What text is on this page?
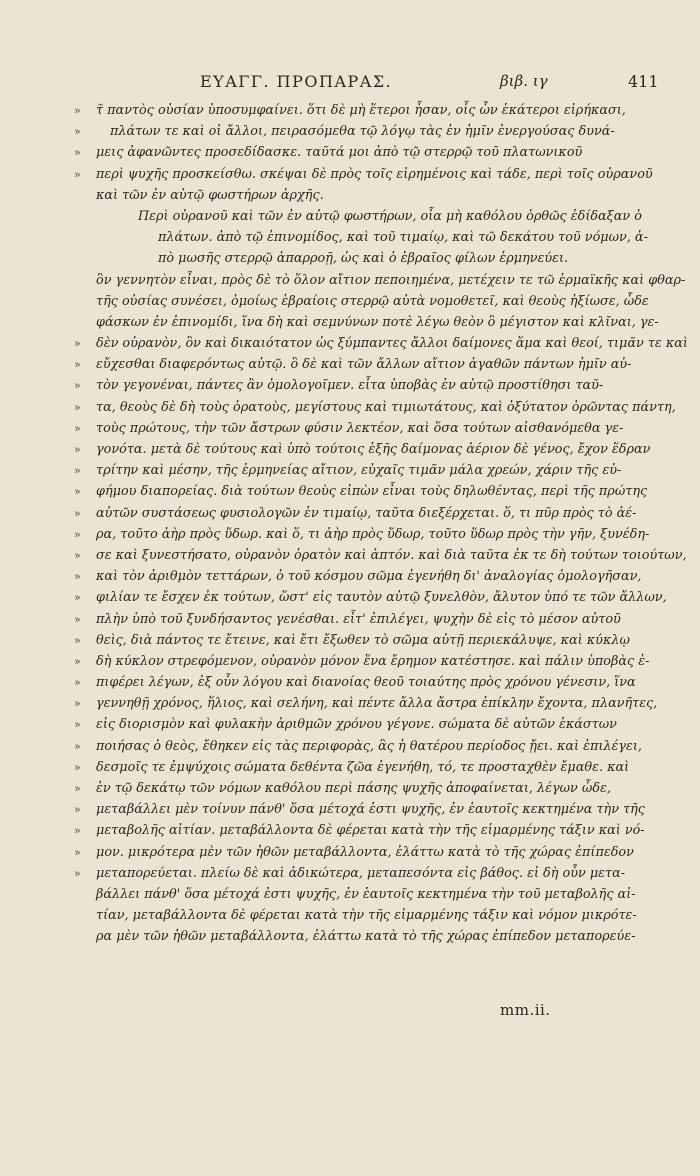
ΕΥΑΓΓ. ΠΡΟΠΑΡΑΣ.	βιβ. ιγ	411
» τ̃ παντὸς οὐσίαν ὑποσυμφαίνει. ὅτι δὲ μὴ ἕτεροι ἦσαν, οἷς ὧν ἑκάτεροι εἰρήκασι,
» πλάτων τε καὶ οἱ ἄλλοι, πειρασόμεθα τῷ λόγῳ τὰς ἐν ἡμῖν ἐνεργούσας δυνά-
» μεις ἀφανῶντες προσεδίδασκε. ταῦτά μοι ἀπὸ τῷ στερρῷ τοῦ πλατωνικοῦ
» περὶ ψυχῆς προσκείσθω. σκέψαι δὲ πρὸς τοῖς εἰρημένοις καὶ τάδε, περὶ τοῖς οὐρανοῦ
καὶ τῶν ἐν αὐτῷ φωστήρων ἀρχῆς.
Περὶ οὐρανοῦ καὶ τῶν ἐν αὐτῷ φωστήρων, οἷα μὴ καθόλου ὀρθῶς ἐδίδαξαν ὁ
πλάτων. ἀπὸ τῷ ἐπινομίδος, καὶ τοῦ τιμαίῳ, καὶ τῶ δεκάτου τοῦ νόμων, ἀ-
πὸ μωσῆς στερρῷ ἀπαρροῇ, ὡς καὶ ὁ ἑβραῖος φίλων ἑρμηνεύει.
ὃν γεννητὸν εἶναι, πρὸς δὲ τὸ ὅλον αἴτιον πεποιημένα, μετέχειν τε τῶ ἑρμαϊκῆς καὶ φθαρ-
τῆς οὐσίας συνέσει, ὁμοίως ἑβραίοις στερρῷ αὐτὰ νομοθετεῖ, καὶ θεοὺς ἠξίωσε, ὧδε
φάσκων ἐν ἐπινομίδι, ἵνα δὴ καὶ σεμνύνων ποτὲ λέγω θεὸν ὃ μέγιστον καὶ κλῖναι, γε-
» δὲν οὐρανὸν, ὃν καὶ δικαιότατον ὡς ξύμπαντες ἄλλοι δαίμονες ἅμα καὶ θεοί, τιμᾶν τε καὶ
» εὔχεσθαι διαφερόντως αὐτῷ. ὃ δὲ καὶ τῶν ἄλλων αἴτιον ἀγαθῶν πάντων ἡμῖν αὐ-
» τὸν γεγονέναι, πάντες ἂν ὁμολογοῖμεν. εἶτα ὑποβὰς ἐν αὐτῷ προστίθησι ταῦ-
» τα, θεοὺς δὲ δὴ τοὺς ὁρατοὺς, μεγίστους καὶ τιμιωτάτους, καὶ ὀξύτατον ὁρῶντας πάντη,
» τοὺς πρώτους, τὴν τῶν ἄστρων φύσιν λεκτέον, καὶ ὅσα τούτων αἰσθανόμεθα γε-
» γονότα. μετὰ δὲ τούτους καὶ ὑπὸ τούτοις ἑξῆς δαίμονας ἀέριον δὲ γένος, ἔχον ἕδραν
» τρίτην καὶ μέσην, τῆς ἑρμηνείας αἴτιον, εὐχαῖς τιμᾶν μάλα χρεών, χάριν τῆς εὐ-
» φήμου διαπορείας. διὰ τούτων θεοὺς εἰπὼν εἶναι τοὺς δηλωθέντας, περὶ τῆς πρώτης
» αὐτῶν συστάσεως φυσιολογῶν ἐν τιμαίῳ, ταῦτα διεξέρχεται. ὅ, τι πῦρ πρὸς τὸ ἀέ-
» ρα, τοῦτο ἀὴρ πρὸς ὕδωρ. καὶ ὅ, τι ἀὴρ πρὸς ὕδωρ, τοῦτο ὕδωρ πρὸς τὴν γῆν, ξυνέδη-
» σε καὶ ξυνεστήσατο, οὐρανὸν ὁρατὸν καὶ ἁπτόν. καὶ διὰ ταῦτα ἐκ τε δὴ τούτων τοιούτων,
» καὶ τὸν ἀριθμὸν τεττάρων, ὁ τοῦ κόσμου σῶμα ἐγενήθη δι' ἀναλογίας ὁμολογῆσαν,
» φιλίαν τε ἔσχεν ἐκ τούτων, ὥστ' εἰς ταυτὸν αὐτῷ ξυνελθὸν, ἄλυτον ὑπό τε τῶν ἄλλων,
» πλὴν ὑπὸ τοῦ ξυνδήσαντος γενέσθαι. εἶτ' ἐπιλέγει, ψυχὴν δὲ εἰς τὸ μέσον αὐτοῦ
» θεὶς, διὰ πάντος τε ἔτεινε, καὶ ἔτι ἔξωθεν τὸ σῶμα αὐτῇ περιεκάλυψε, καὶ κύκλῳ
» δὴ κύκλον στρεφόμενον, οὐρανὸν μόνον ἕνα ἔρημον κατέστησε. καὶ πάλιν ὑποβὰς ἐ-
» πιφέρει λέγων, ἐξ οὖν λόγου καὶ διανοίας θεοῦ τοιαύτης πρὸς χρόνου γένεσιν, ἵνα
» γεννηθῇ χρόνος, ἥλιος, καὶ σελήνη, καὶ πέντε ἄλλα ἄστρα ἐπίκλην ἔχοντα, πλανῆτες,
» εἰς διορισμὸν καὶ φυλακὴν ἀριθμῶν χρόνου γέγονε. σώματα δὲ αὐτῶν ἑκάστων
» ποιήσας ὁ θεὸς, ἔθηκεν εἰς τὰς περιφορὰς, ἃς ἡ θατέρου περίοδος ᾔει. καὶ ἐπιλέγει,
» δεσμοῖς τε ἐμψύχοις σώματα δεθέντα ζῶα ἐγενήθη, τό, τε προσταχθὲν ἔμαθε. καὶ
» ἐν τῷ δεκάτῳ τῶν νόμων καθόλου περὶ πάσης ψυχῆς ἀποφαίνεται, λέγων ὧδε,
» μεταβάλλει μὲν τοίνυν πάνθ' ὅσα μέτοχά ἐστι ψυχῆς, ἐν ἑαυτοῖς κεκτημένα τὴν τῆς
» μεταβολῆς αἰτίαν. μεταβάλλοντα δὲ φέρεται κατὰ τὴν τῆς εἱμαρμένης τάξιν καὶ νό-
» μον. μικρότερα μὲν τῶν ἠθῶν μεταβάλλοντα, ἐλάττω κατὰ τὸ τῆς χώρας ἐπίπεδον
» μεταπορεύεται. πλείω δὲ καὶ ἀδικώτερα, μεταπεσόντα εἰς βάθος. εἰ δὴ οὖν μετα-
βάλλει πάνθ' ὅσα μέτοχά ἐστι ψυχῆς, ἐν ἑαυτοῖς κεκτημένα τὴν τοῦ μεταβολῆς αἰ-
τίαν, μεταβάλλοντα δὲ φέρεται κατὰ τὴν τῆς εἱμαρμένης τάξιν καὶ νόμον μικρότε-
ρα μὲν τῶν ἠθῶν μεταβάλλοντα, ἐλάττω κατὰ τὸ τῆς χώρας ἐπίπεδον μεταπορεύε-
mm.ii.
